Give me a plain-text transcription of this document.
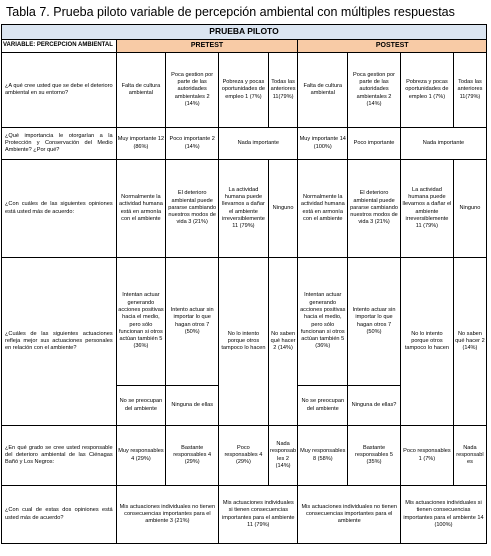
Tabla 7. Prueba piloto variable de percepción ambiental con múltiples respuestas
PRUEBA PILOTO								
VARIABLE: PERCEPCION AMBIENTAL	PRETEST				POSTEST			
¿A qué cree usted que se debe el deterioro ambiental en su entorno?	Falta de cultura ambiental	Poca gestion por parte de las autoridades ambientales 2 (14%)	Pobreza y pocas oportunidades de empleo 1 (7%)	Todas las anteriores 11(79%)	Falta de cultura ambiental	Poca gestion por parte de las autoridades ambientales 2 (14%)	Pobreza y pocas oportunidades de empleo 1 (7%)	Todas las anteriores 11(79%)
¿Qué importancia le otorgarían a la Protección y Conservación del Medio Ambiente? ¿Por qué?	Muy importante 12 (86%)	Poco importante 2 (14%)	Nada importante		Muy importante 14 (100%)	Poco importante	Nada importante	
¿Con cuáles de las siguientes opiniones está usted más de acuerdo:	Normalmente la actividad humana está en armonía con el ambiente	El deterioro ambiental puede pararse cambiando nuestros modos de vida 3 (21%)	La actividad humana puede llevarnos a dañar el ambiente irreversiblemente 11 (79%)	Ninguno	Normalmente la actividad humana está en armonía con el ambiente	El deterioro ambiental puede pararse cambiando nuestros modos de vida 3 (21%)	La actividad humana puede llevarnos a dañar el ambiente irreversiblemente 11 (79%)	Ninguno
¿Cuáles de las siguientes actuaciones refleja mejor sus actuaciones personales en relación con el ambiente?	Intentan actuar generando acciones positivas hacia el medio, pero sólo funcionan si otros actúan también 5 (36%)	Intento actuar sin importar lo que hagan otros 7 (50%)	No lo intento porque otros tampoco lo hacen	No saben qué hacer 2 (14%)	Intentan actuar generando acciones positivas hacia el medio, pero sólo funcionan si otros actúan también 5 (36%)	Intento actuar sin importar lo que hagan otros 7 (50%)	No lo intento porque otros tampoco lo hacen	No saben qué hacer 2 (14%)
	No se preocupan del ambiente	Ninguna de ellas			No se preocupan del ambiente	Ninguna de ellas?		
¿En qué grado se cree usted responsable del deterioro ambiental de las Ciénagas Bañó y Los Negros:	Muy responsables 4 (29%)	Bastante responsables 4 (29%)	Poco responsables 4 (29%)	Nada responsables 2 (14%)	Muy responsables 8 (58%)	Bastante responsables 5 (35%)	Poco responsables 1 (7%)	Nada responsables
¿Con cual de estas dos opiniones está usted más de acuerdo?	Mis actuaciones individuales no tienen consecuencias importantes para el ambiente 3 (21%)		Mis actuaciones individuales si tienen consecuencias importantes para el ambiente 11 (79%)		Mis actuaciones individuales no tienen consecuencias importantes para el ambiente		Mis actuaciones individuales si tienen consecuencias importantes para el ambiente 14 (100%)	
